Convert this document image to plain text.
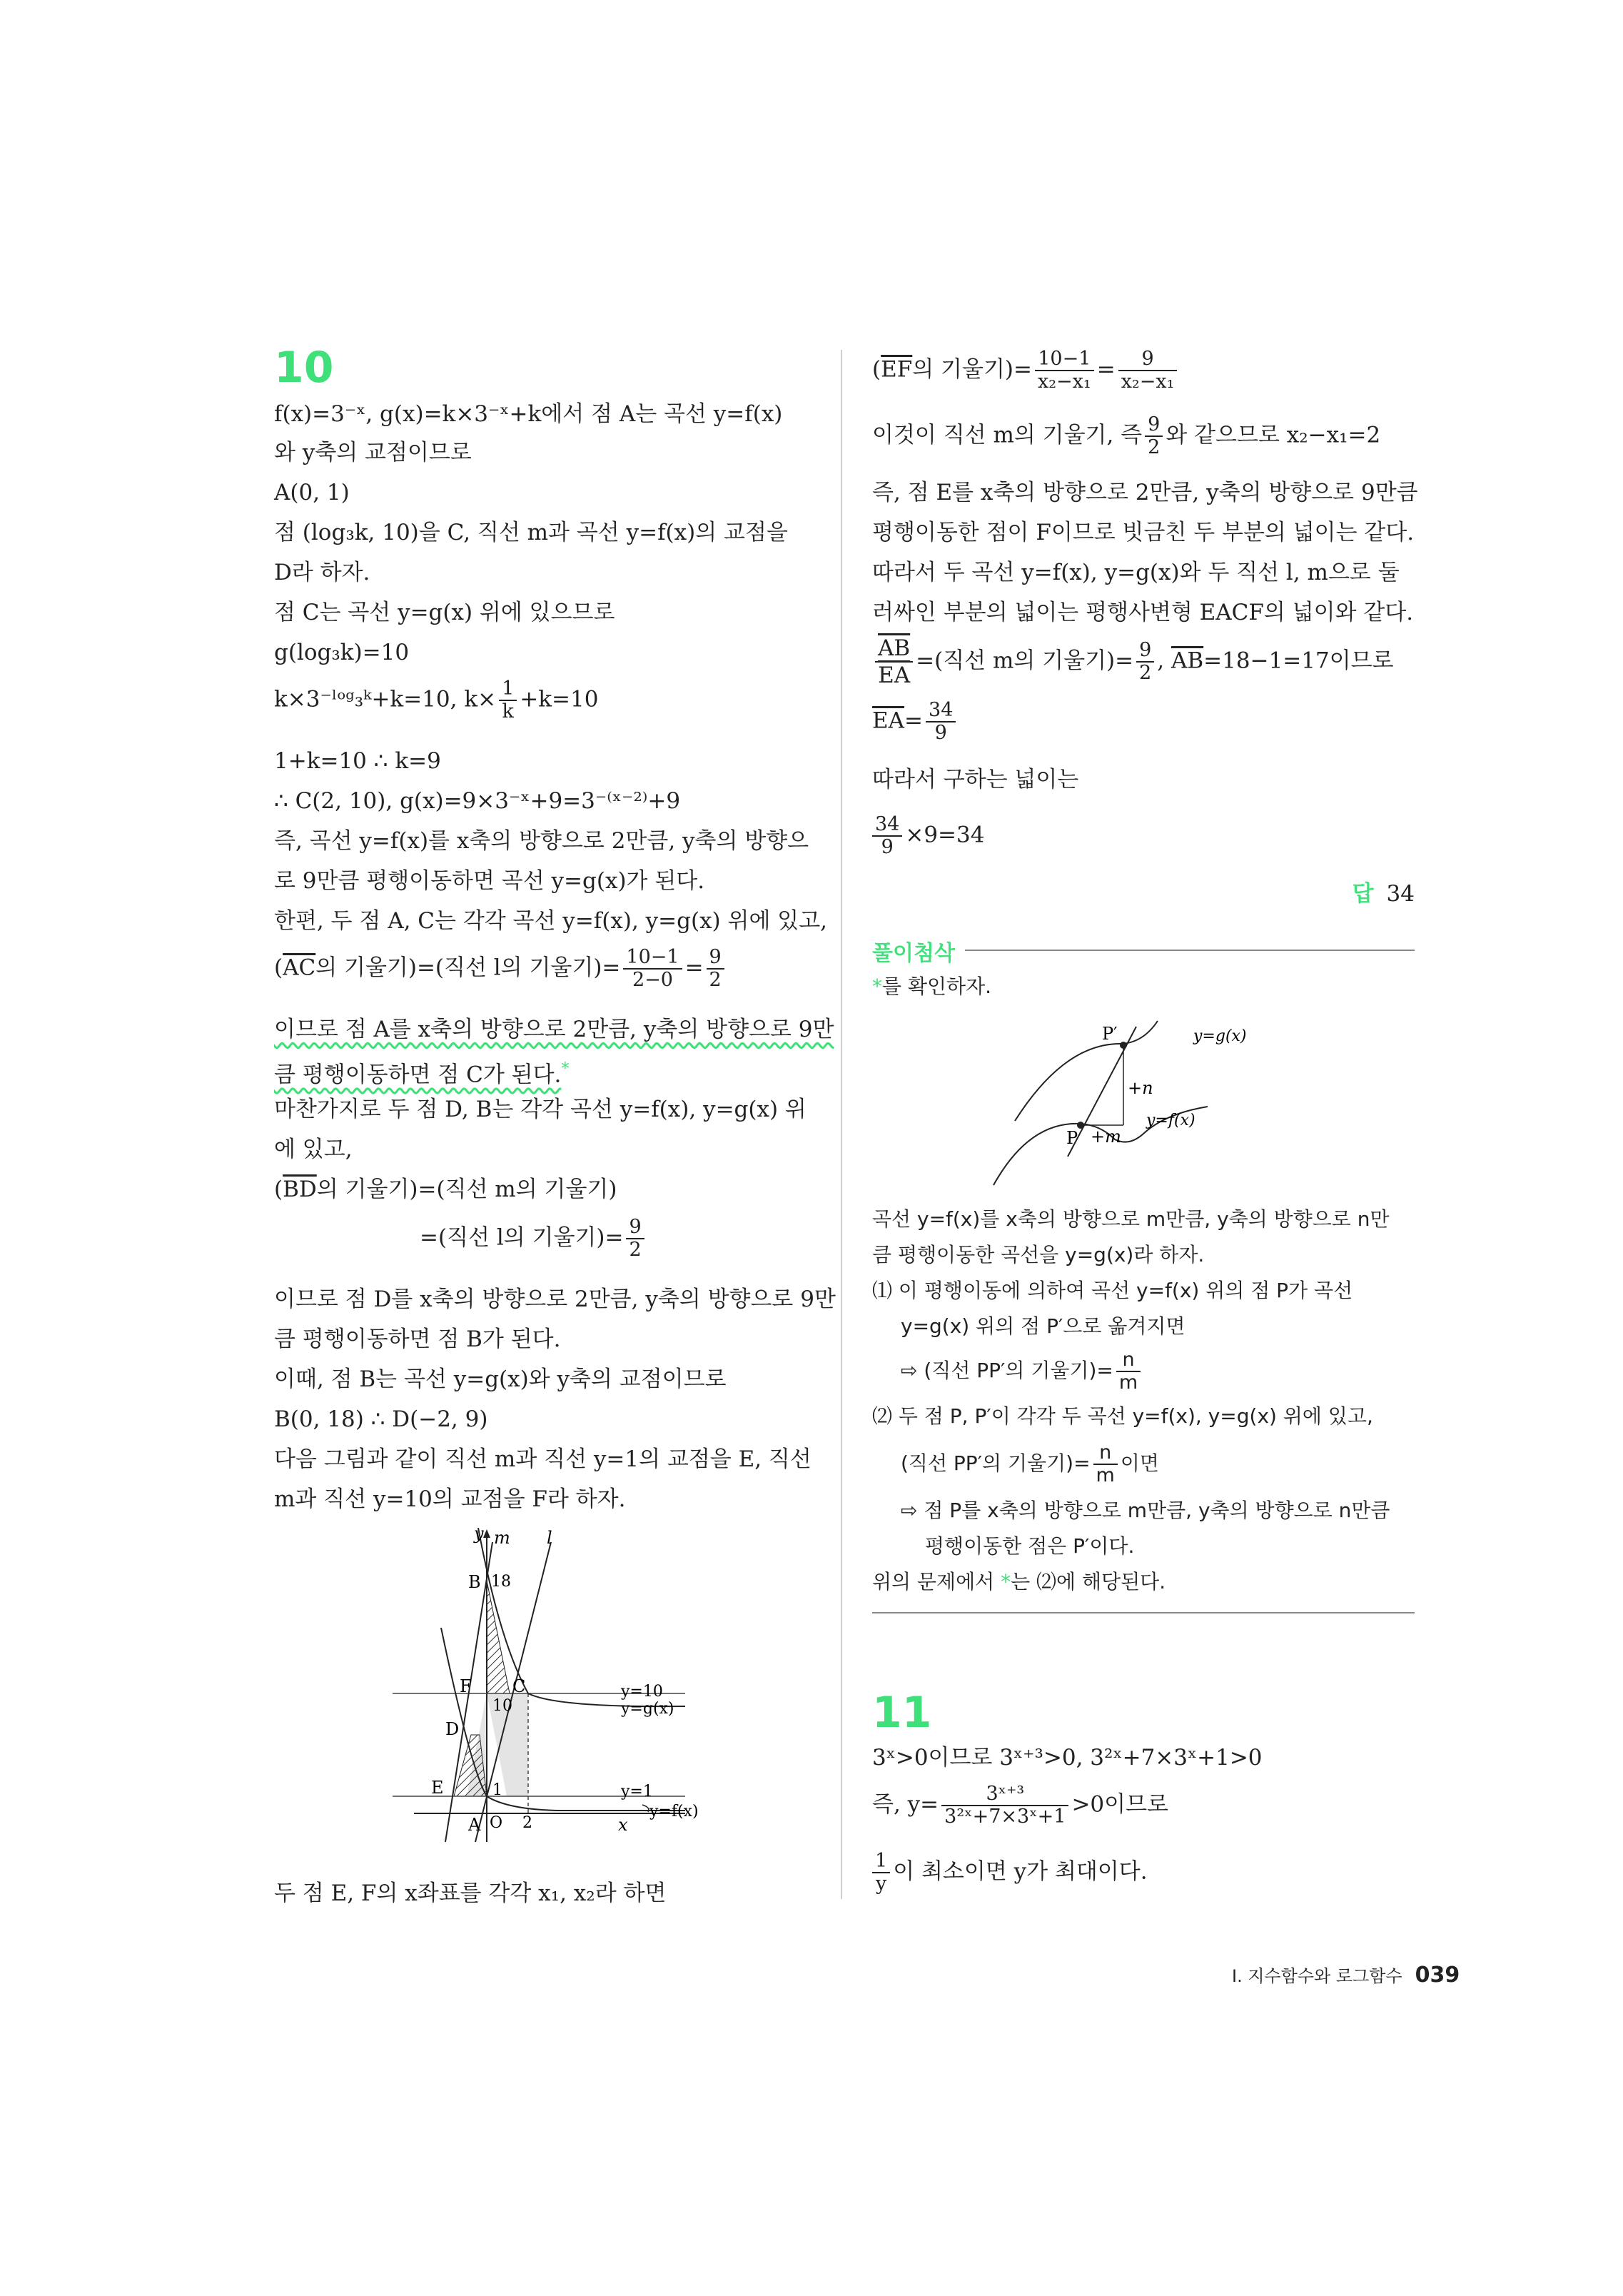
10
f(x)=3⁻ˣ, g(x)=k×3⁻ˣ+k에서 점 A는 곡선 y=f(x)
와 y축의 교점이므로
A(0, 1)
점 (log₃k, 10)을 C, 직선 m과 곡선 y=f(x)의 교점을
D라 하자.
점 C는 곡선 y=g(x) 위에 있으므로
g(log₃k)=10
k×3⁻ˡᵒᵍ₃ᵏ+k=10, $k\times \frac{1}{k} +k=10$
1+k=10 ∴ k=9
∴ C(2, 10), g(x)=9×3⁻ˣ+9=3⁻⁽ˣ⁻²⁾+9
즉, 곡선 y=f(x)를 x축의 방향으로 2만큼, y축의 방향으
로 9만큼 평행이동하면 곡선 y=g(x)가 된다.
한편, 두 점 A, C는 각각 곡선 y=f(x), y=g(x) 위에 있고,
($\overline{AC}$의 기울기)=(직선 l의 기울기)= $\frac{10-1}{2-0} = \frac{9}{2}$
이므로 점 A를 x축의 방향으로 2만큼, y축의 방향으로 9만
큼 평행이동하면 점 C가 된다.*
마찬가지로 두 점 D, B는 각각 곡선 y=f(x), y=g(x) 위
에 있고,
($\overline{BD}$의 기울기)=(직선 m의 기울기)
=(직선 l의 기울기)= $\frac{9}{2}$
이므로 점 D를 x축의 방향으로 2만큼, y축의 방향으로 9만
큼 평행이동하면 점 B가 된다.
이때, 점 B는 곡선 y=g(x)와 y축의 교점이므로
B(0, 18) ∴ D(−2, 9)
다음 그림과 같이 직선 m과 직선 y=1의 교점을 E, 직선
m과 직선 y=10의 교점을 F라 하자.
y m l
B 18
F C
10
D
E	1
A O 2	x
y=10
y=g(x)
y=1
y=f(x)
두 점 E, F의 x좌표를 각각 x₁, x₂라 하면
($\overline{EF}$의 기울기)= $\frac{10-1}{\text{x₂−x₁}} = \frac{9}{\text{x₂−x₁}}$
이것이 직선 m의 기울기, 즉 $\frac{9}{2}$ 와 같으므로 x₂−x₁=2
즉, 점 E를 x축의 방향으로 2만큼, y축의 방향으로 9만큼
평행이동한 점이 F이므로 빗금친 두 부분의 넓이는 같다.
따라서 두 곡선 y=f(x), y=g(x)와 두 직선 l, m으로 둘
러싸인 부분의 넓이는 평행사변형 EACF의 넓이와 같다.
$\frac{\overline{AB}}{EA}$ =(직선 m의 기울기)= $\frac{9}{2}$ , $\overline{AB}=18-1=17$이므로
$\overline{EA}= \frac{34}{9}$
따라서 구하는 넓이는
$\frac{34}{9} \times 9=34$
답 34
풀이첨삭
*를 확인하자.
P′	y=g(x)
+n
y=f(x)
+m
P
곡선 y=f(x)를 x축의 방향으로 m만큼, y축의 방향으로 n만
큼 평행이동한 곡선을 y=g(x)라 하자.
⑴ 이 평행이동에 의하여 곡선 y=f(x) 위의 점 P가 곡선
y=g(x) 위의 점 P′으로 옮겨지면
⇨ (직선 PP′의 기울기)= $\frac{n}{m}$
⑵ 두 점 P, P′이 각각 두 곡선 y=f(x), y=g(x) 위에 있고,
(직선 PP′의 기울기)= $\frac{n}{m}$ 이면
⇨ 점 P를 x축의 방향으로 m만큼, y축의 방향으로 n만큼
평행이동한 점은 P′이다.
위의 문제에서 *는 ⑵에 해당된다.
11
3ˣ>0이므로 3ˣ⁺³>0, 3²ˣ+7×3ˣ+1>0
즉, $y= \frac{\text{3ˣ⁺³}}{\text{3²ˣ+7×3ˣ+1}} >0$이므로
$\frac{1}{y}$ 이 최소이면 y가 최대이다.
Ⅰ. 지수함수와 로그함수 039
